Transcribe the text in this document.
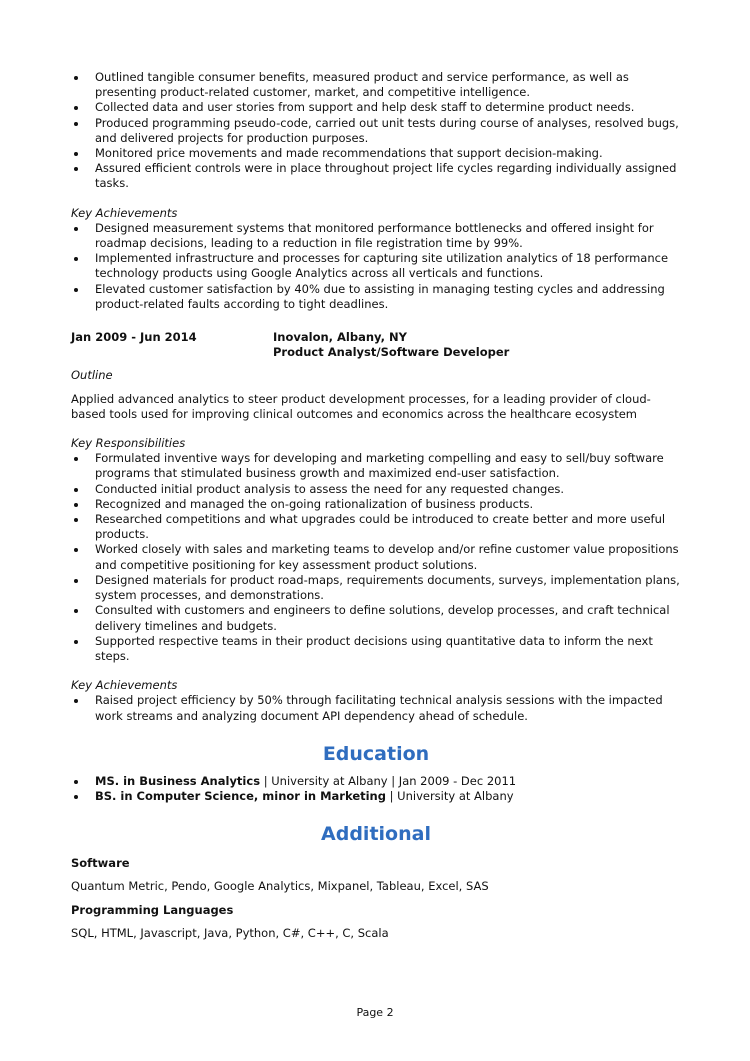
Outlined tangible consumer benefits, measured product and service performance, as well as presenting product-related customer, market, and competitive intelligence.
Collected data and user stories from support and help desk staff to determine product needs.
Produced programming pseudo-code, carried out unit tests during course of analyses, resolved bugs, and delivered projects for production purposes.
Monitored price movements and made recommendations that support decision-making.
Assured efficient controls were in place throughout project life cycles regarding individually assigned tasks.
Key Achievements
Designed measurement systems that monitored performance bottlenecks and offered insight for roadmap decisions, leading to a reduction in file registration time by 99%.
Implemented infrastructure and processes for capturing site utilization analytics of 18 performance technology products using Google Analytics across all verticals and functions.
Elevated customer satisfaction by 40% due to assisting in managing testing cycles and addressing product-related faults according to tight deadlines.
Jan 2009 - Jun 2014	Inovalon, Albany, NY
Product Analyst/Software Developer
Outline
Applied advanced analytics to steer product development processes, for a leading provider of cloud-based tools used for improving clinical outcomes and economics across the healthcare ecosystem
Key Responsibilities
Formulated inventive ways for developing and marketing compelling and easy to sell/buy software programs that stimulated business growth and maximized end-user satisfaction.
Conducted initial product analysis to assess the need for any requested changes.
Recognized and managed the on-going rationalization of business products.
Researched competitions and what upgrades could be introduced to create better and more useful products.
Worked closely with sales and marketing teams to develop and/or refine customer value propositions and competitive positioning for key assessment product solutions.
Designed materials for product road-maps, requirements documents, surveys, implementation plans, system processes, and demonstrations.
Consulted with customers and engineers to define solutions, develop processes, and craft technical delivery timelines and budgets.
Supported respective teams in their product decisions using quantitative data to inform the next steps.
Key Achievements
Raised project efficiency by 50% through facilitating technical analysis sessions with the impacted work streams and analyzing document API dependency ahead of schedule.
Education
MS. in Business Analytics | University at Albany | Jan 2009 - Dec 2011
BS. in Computer Science, minor in Marketing | University at Albany
Additional
Software
Quantum Metric, Pendo, Google Analytics, Mixpanel, Tableau, Excel, SAS
Programming Languages
SQL, HTML, Javascript, Java, Python, C#, C++, C, Scala
Page 2
